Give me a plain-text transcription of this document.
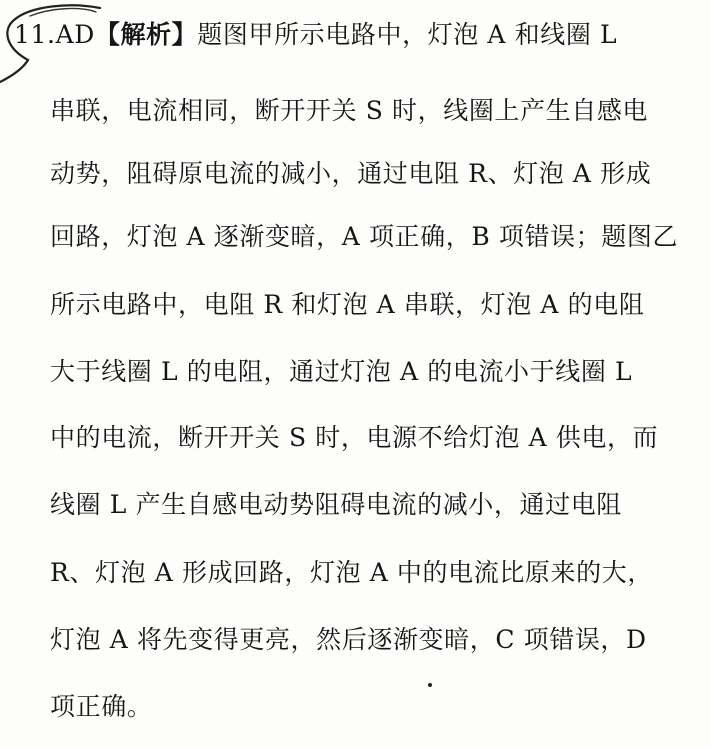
11.AD【解析】题图甲所示电路中，灯泡 A 和线圈 L
串联，电流相同，断开开关 S 时，线圈上产生自感电
动势，阻碍原电流的减小，通过电阻 R、灯泡 A 形成
回路，灯泡 A 逐渐变暗，A 项正确，B 项错误；题图乙
所示电路中，电阻 R 和灯泡 A 串联，灯泡 A 的电阻
大于线圈 L 的电阻，通过灯泡 A 的电流小于线圈 L
中的电流，断开开关 S 时，电源不给灯泡 A 供电，而
线圈 L 产生自感电动势阻碍电流的减小，通过电阻
R、灯泡 A 形成回路，灯泡 A 中的电流比原来的大，
灯泡 A 将先变得更亮，然后逐渐变暗，C 项错误，D
项正确。
